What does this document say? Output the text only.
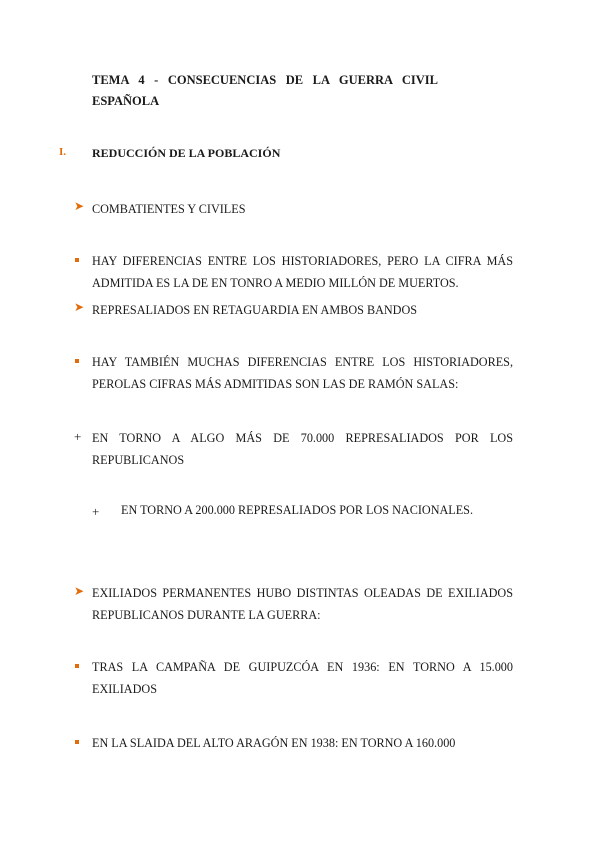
TEMA 4 - CONSECUENCIAS DE LA GUERRA CIVIL
ESPAÑOLA
I. REDUCCIÓN DE LA POBLACIÓN
➤ COMBATIENTES Y CIVILES
HAY DIFERENCIAS ENTRE LOS HISTORIADORES, PERO LA CIFRA MÁS
ADMITIDA ES LA DE EN TONRO A MEDIO MILLÓN DE MUERTOS.
➤ REPRESALIADOS EN RETAGUARDIA EN AMBOS BANDOS
HAY TAMBIÉN MUCHAS DIFERENCIAS ENTRE LOS HISTORIADORES,
PEROLAS CIFRAS MÁS ADMITIDAS SON LAS DE RAMÓN SALAS:
+ EN TORNO A ALGO MÁS DE 70.000 REPRESALIADOS POR LOS
REPUBLICANOS
+ EN TORNO A 200.000 REPRESALIADOS POR LOS NACIONALES.
➤ EXILIADOS PERMANENTES HUBO DISTINTAS OLEADAS DE EXILIADOS
REPUBLICANOS DURANTE LA GUERRA:
TRAS LA CAMPAÑA DE GUIPUZCÓA EN 1936: EN TORNO A 15.000
EXILIADOS
EN LA SLAIDA DEL ALTO ARAGÓN EN 1938: EN TORNO A 160.000
